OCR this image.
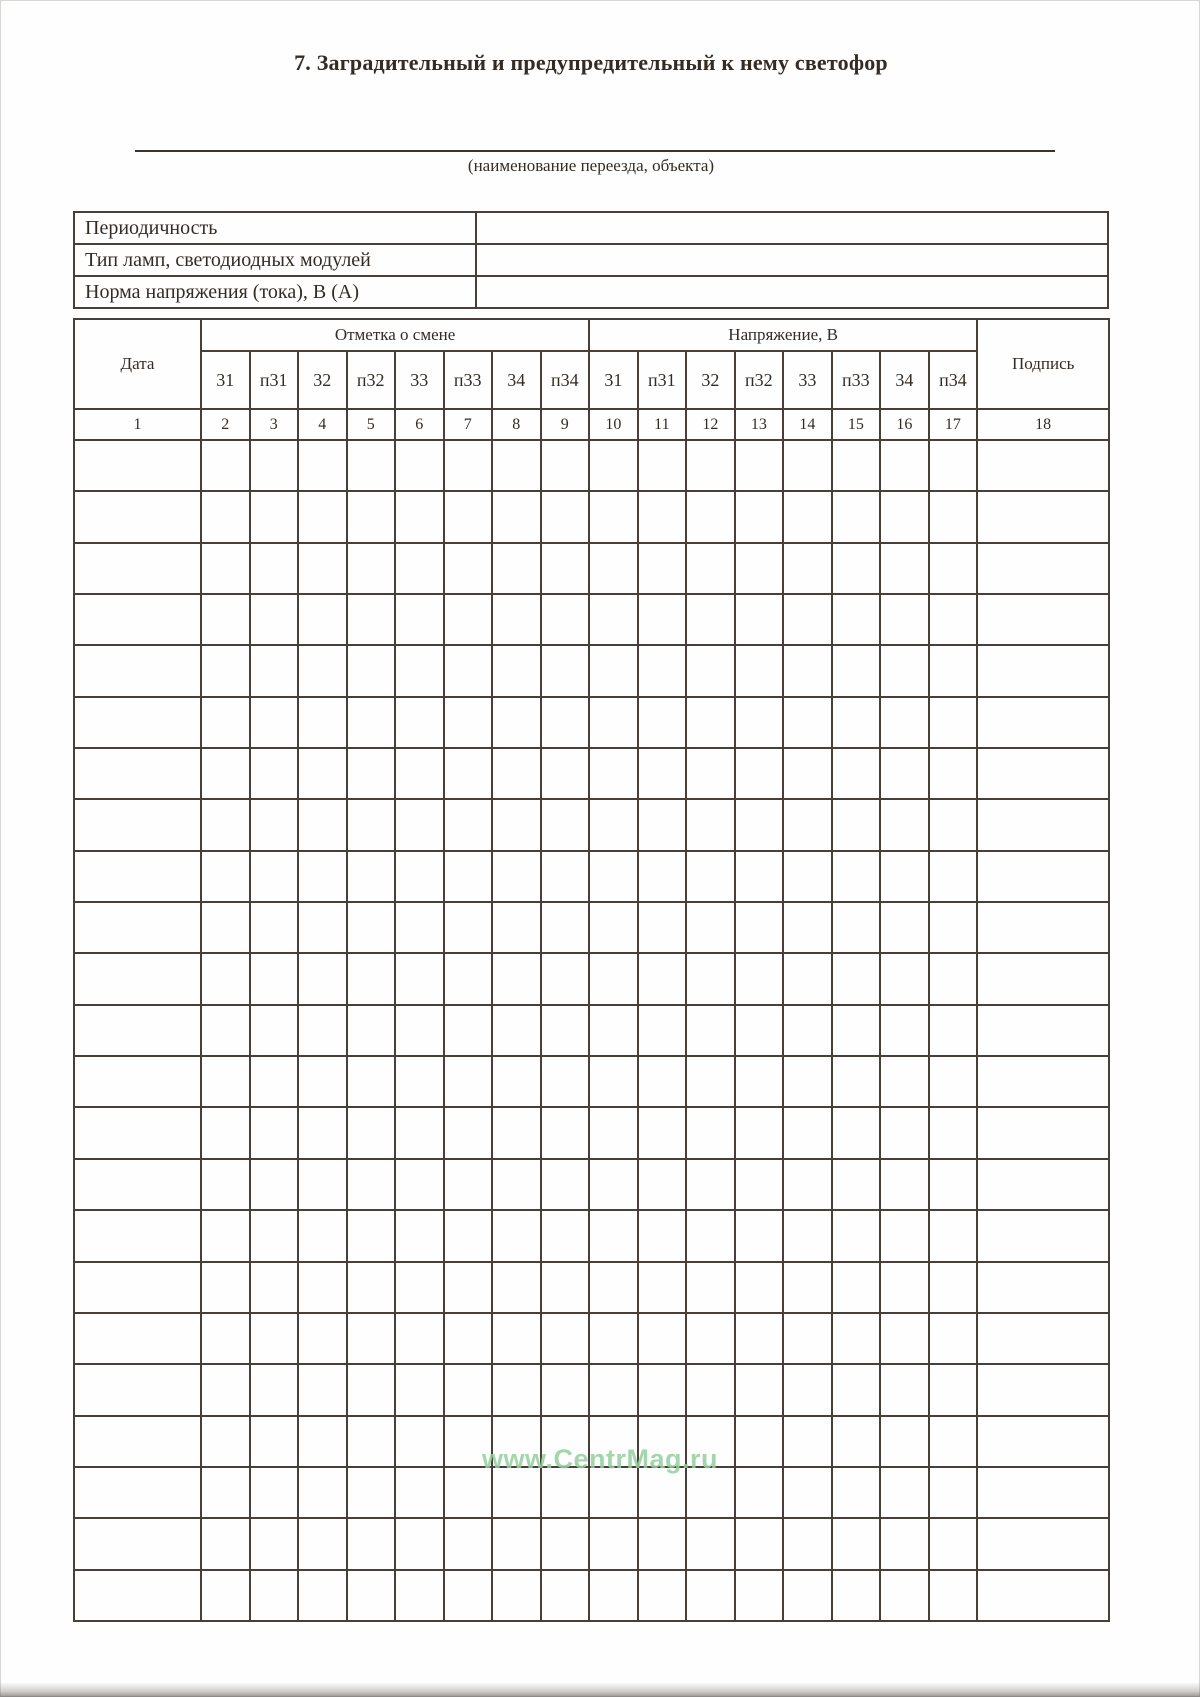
7. Заградительный и предупредительный к нему светофор
(наименование переезда, объекта)
Периодичность	
Тип ламп, светодиодных модулей	
Норма напряжения (тока), В (А)	
Дата	Отметка о смене								Напряжение, В								Подпись
	31	п31	32	п32	33	п33	34	п34	31	п31	32	п32	33	п33	34	п34	
1	2	3	4	5	6	7	8	9	10	11	12	13	14	15	16	17	18

www.CentrMag.ru
